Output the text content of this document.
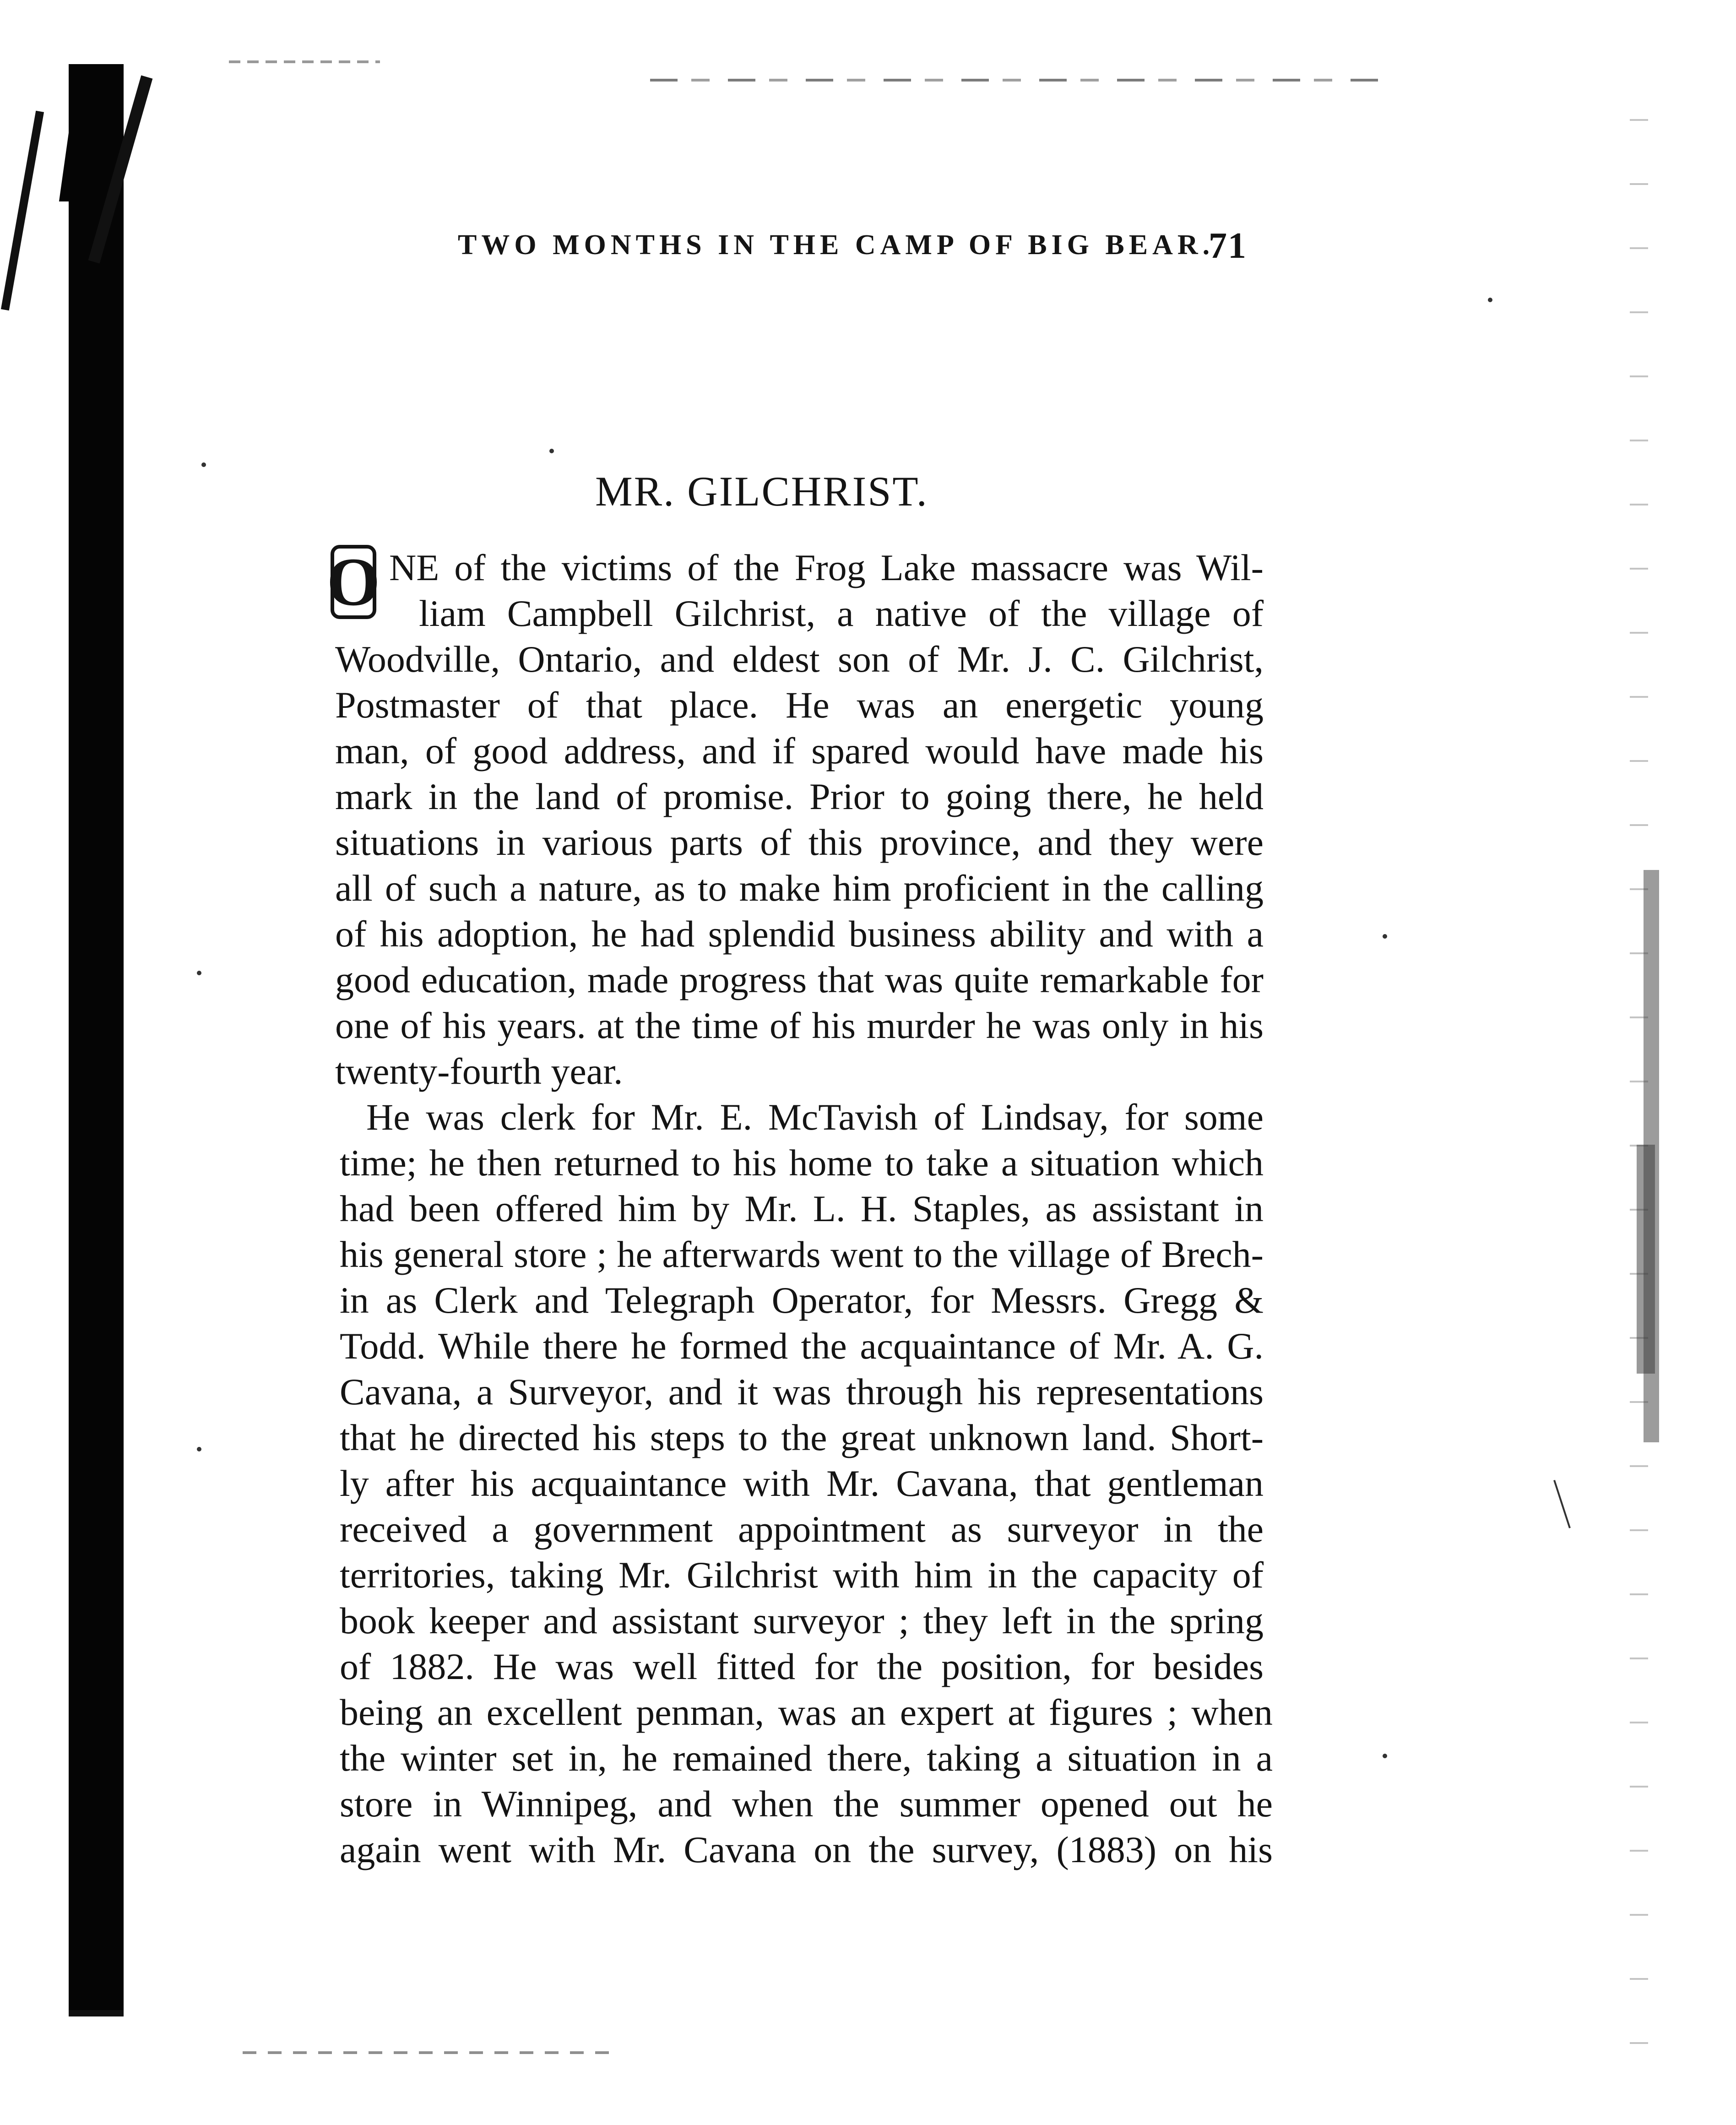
TWO MONTHS IN THE CAMP OF BIG BEAR.
71
MR. GILCHRIST.
O NE of the victims of the Frog Lake massacre was Wil-
liam Campbell Gilchrist, a native of the village of
Woodville, Ontario, and eldest son of Mr. J. C. Gilchrist,
Postmaster of that place. He was an energetic young
man, of good address, and if spared would have made his
mark in the land of promise. Prior to going there, he held
situations in various parts of this province, and they were
all of such a nature, as to make him proficient in the calling
of his adoption, he had splendid business ability and with a
good education, made progress that was quite remarkable for
one of his years. at the time of his murder he was only in his
twenty-fourth year.
He was clerk for Mr. E. McTavish of Lindsay, for some
time; he then returned to his home to take a situation which
had been offered him by Mr. L. H. Staples, as assistant in
his general store ; he afterwards went to the village of Brech-
in as Clerk and Telegraph Operator, for Messrs. Gregg &
Todd. While there he formed the acquaintance of Mr. A. G.
Cavana, a Surveyor, and it was through his representations
that he directed his steps to the great unknown land. Short-
ly after his acquaintance with Mr. Cavana, that gentleman
received a government appointment as surveyor in the
territories, taking Mr. Gilchrist with him in the capacity of
book keeper and assistant surveyor ; they left in the spring
of 1882. He was well fitted for the position, for besides
being an excellent penman, was an expert at figures ; when
the winter set in, he remained there, taking a situation in a
store in Winnipeg, and when the summer opened out he
again went with Mr. Cavana on the survey, (1883) on his
